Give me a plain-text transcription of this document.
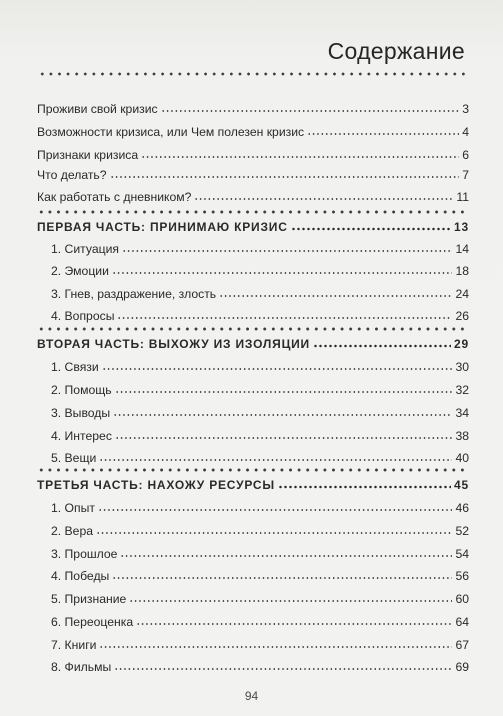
Содержание
Проживи свой кризис	3
Возможности кризиса, или Чем полезен кризис	4
Признаки кризиса	6
Что делать?	7
Как работать с дневником?	11
ПЕРВАЯ ЧАСТЬ: ПРИНИМАЮ КРИЗИС	13
1. Ситуация	14
2. Эмоции	18
3. Гнев, раздражение, злость	24
4. Вопросы	26
ВТОРАЯ ЧАСТЬ: ВЫХОЖУ ИЗ ИЗОЛЯЦИИ	29
1. Связи	30
2. Помощь	32
3. Выводы	34
4. Интерес	38
5. Вещи	40
ТРЕТЬЯ ЧАСТЬ: НАХОЖУ РЕСУРСЫ	45
1. Опыт	46
2. Вера	52
3. Прошлое	54
4. Победы	56
5. Признание	60
6. Переоценка	64
7. Книги	67
8. Фильмы	69
94
